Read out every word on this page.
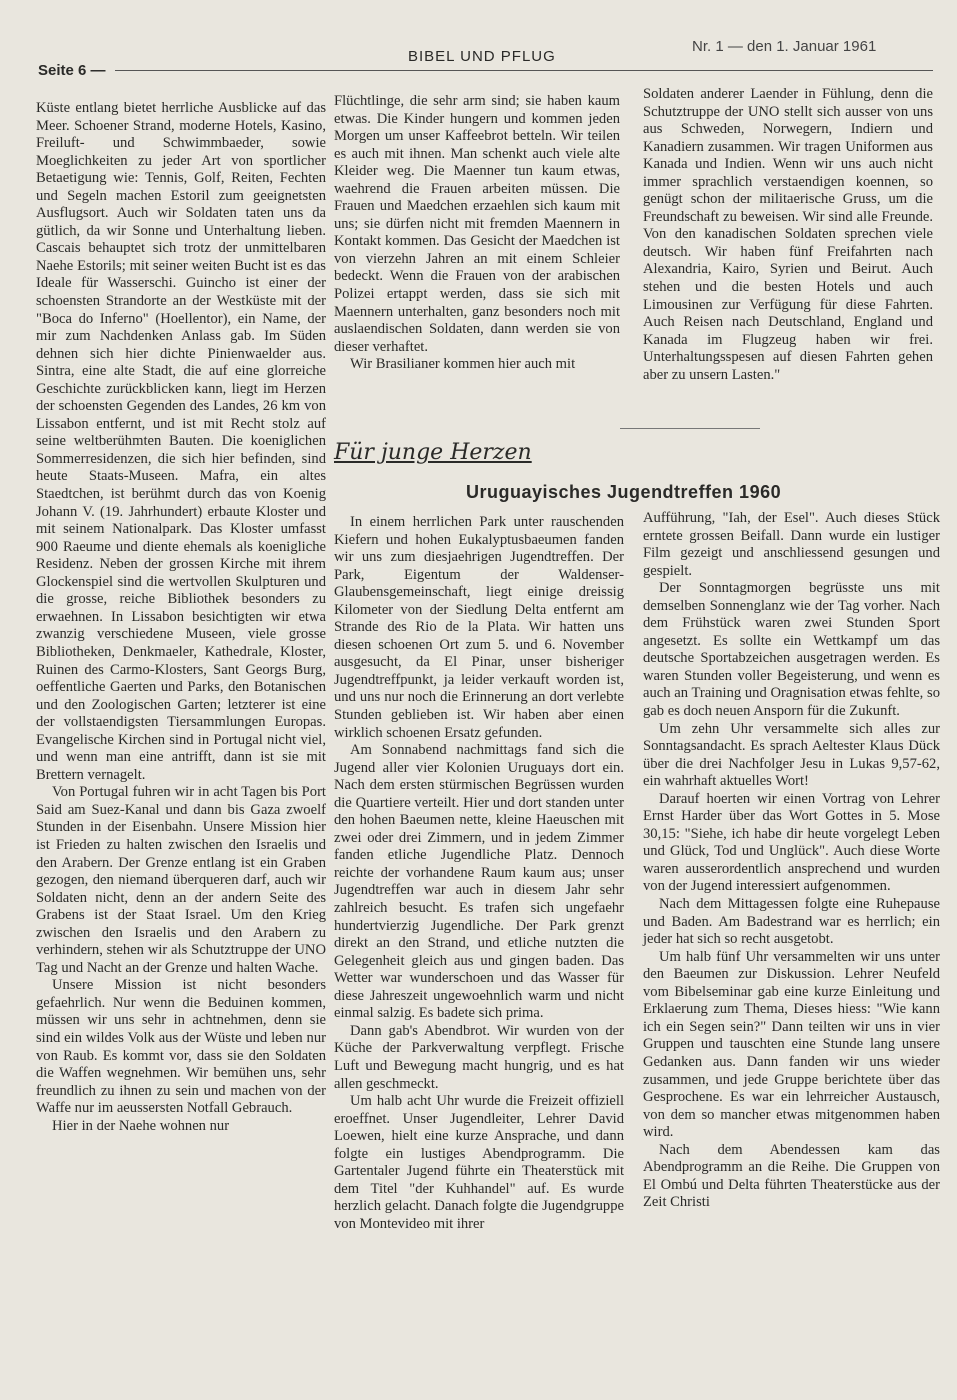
Seite 6 —
BIBEL UND PFLUG
Nr. 1 — den 1. Januar 1961

Küste entlang bietet herrliche Ausblicke auf das Meer. Schoener Strand, moderne Hotels, Kasino, Freiluft- und Schwimmbaeder, sowie Moeglichkeiten zu jeder Art von sportlicher Betaetigung wie: Tennis, Golf, Reiten, Fechten und Segeln machen Estoril zum geeignetsten Ausflugsort. Auch wir Soldaten taten uns da gütlich, da wir Sonne und Unterhaltung lieben. Cascais behauptet sich trotz der unmittelbaren Naehe Estorils; mit seiner weiten Bucht ist es das Ideale für Wasserschi. Guincho ist einer der schoensten Strandorte an der Westküste mit der "Boca do Inferno" (Hoellentor), ein Name, der mir zum Nachdenken Anlass gab. Im Süden dehnen sich hier dichte Pinienwaelder aus. Sintra, eine alte Stadt, die auf eine glorreiche Geschichte zurückblicken kann, liegt im Herzen der schoensten Gegenden des Landes, 26 km von Lissabon entfernt, und ist mit Recht stolz auf seine weltberühmten Bauten. Die koeniglichen Sommerresidenzen, die sich hier befinden, sind heute Staats-Museen. Mafra, ein altes Staedtchen, ist berühmt durch das von Koenig Johann V. (19. Jahrhundert) erbaute Kloster und mit seinem Nationalpark. Das Kloster umfasst 900 Raeume und diente ehemals als koenigliche Residenz. Neben der grossen Kirche mit ihrem Glockenspiel sind die wertvollen Skulpturen und die grosse, reiche Bibliothek besonders zu erwaehnen. In Lissabon besichtigten wir etwa zwanzig verschiedene Museen, viele grosse Bibliotheken, Denkmaeler, Kathedrale, Kloster, Ruinen des Carmo-Klosters, Sant Georgs Burg, oeffentliche Gaerten und Parks, den Botanischen und den Zoologischen Garten; letzterer ist eine der vollstaendigsten Tiersammlungen Europas. Evangelische Kirchen sind in Portugal nicht viel, und wenn man eine antrifft, dann ist sie mit Brettern vernagelt.

Von Portugal fuhren wir in acht Tagen bis Port Said am Suez-Kanal und dann bis Gaza zwoelf Stunden in der Eisenbahn. Unsere Mission hier ist Frieden zu halten zwischen den Israelis und den Arabern. Der Grenze entlang ist ein Graben gezogen, den niemand überqueren darf, auch wir Soldaten nicht, denn an der andern Seite des Grabens ist der Staat Israel. Um den Krieg zwischen den Israelis und den Arabern zu verhindern, stehen wir als Schutztruppe der UNO Tag und Nacht an der Grenze und halten Wache.

Unsere Mission ist nicht besonders gefaehrlich. Nur wenn die Beduinen kommen, müssen wir uns sehr in achtnehmen, denn sie sind ein wildes Volk aus der Wüste und leben nur von Raub. Es kommt vor, dass sie den Soldaten die Waffen wegnehmen. Wir bemühen uns, sehr freundlich zu ihnen zu sein und machen von der Waffe nur im aeussersten Notfall Gebrauch.

Hier in der Naehe wohnen nur

Flüchtlinge, die sehr arm sind; sie haben kaum etwas. Die Kinder hungern und kommen jeden Morgen um unser Kaffeebrot betteln. Wir teilen es auch mit ihnen. Man schenkt auch viele alte Kleider weg. Die Maenner tun kaum etwas, waehrend die Frauen arbeiten müssen. Die Frauen und Maedchen erzaehlen sich kaum mit uns; sie dürfen nicht mit fremden Maennern in Kontakt kommen. Das Gesicht der Maedchen ist von vierzehn Jahren an mit einem Schleier bedeckt. Wenn die Frauen von der arabischen Polizei ertappt werden, dass sie sich mit Maennern unterhalten, ganz besonders noch mit auslaendischen Soldaten, dann werden sie von dieser verhaftet.

Wir Brasilianer kommen hier auch mit

Soldaten anderer Laender in Fühlung, denn die Schutztruppe der UNO stellt sich ausser von uns aus Schweden, Norwegern, Indiern und Kanadiern zusammen. Wir tragen Uniformen aus Kanada und Indien. Wenn wir uns auch nicht immer sprachlich verstaendigen koennen, so genügt schon der militaerische Gruss, um die Freundschaft zu beweisen. Wir sind alle Freunde. Von den kanadischen Soldaten sprechen viele deutsch. Wir haben fünf Freifahrten nach Alexandria, Kairo, Syrien und Beirut. Auch stehen und die besten Hotels und auch Limousinen zur Verfügung für diese Fahrten. Auch Reisen nach Deutschland, England und Kanada im Flugzeug haben wir frei. Unterhaltungsspesen auf diesen Fahrten gehen aber zu unsern Lasten."

Für junge Herzen
Uruguayisches Jugendtreffen 1960

In einem herrlichen Park unter rauschenden Kiefern und hohen Eukalyptusbaeumen fanden wir uns zum diesjaehrigen Jugendtreffen. Der Park, Eigentum der Waldenser-Glaubensgemeinschaft, liegt einige dreissig Kilometer von der Siedlung Delta entfernt am Strande des Rio de la Plata. Wir hatten uns diesen schoenen Ort zum 5. und 6. November ausgesucht, da El Pinar, unser bisheriger Jugendtreffpunkt, ja leider verkauft worden ist, und uns nur noch die Erinnerung an dort verlebte Stunden geblieben ist. Wir haben aber einen wirklich schoenen Ersatz gefunden.

Am Sonnabend nachmittags fand sich die Jugend aller vier Kolonien Uruguays dort ein. Nach dem ersten stürmischen Begrüssen wurden die Quartiere verteilt. Hier und dort standen unter den hohen Baeumen nette, kleine Haeuschen mit zwei oder drei Zimmern, und in jedem Zimmer fanden etliche Jugendliche Platz. Dennoch reichte der vorhandene Raum kaum aus; unser Jugendtreffen war auch in diesem Jahr sehr zahlreich besucht. Es trafen sich ungefaehr hundertvierzig Jugendliche. Der Park grenzt direkt an den Strand, und etliche nutzten die Gelegenheit gleich aus und gingen baden. Das Wetter war wunderschoen und das Wasser für diese Jahreszeit ungewoehnlich warm und nicht einmal salzig. Es badete sich prima.

Dann gab's Abendbrot. Wir wurden von der Küche der Parkverwaltung verpflegt. Frische Luft und Bewegung macht hungrig, und es hat allen geschmeckt.

Um halb acht Uhr wurde die Freizeit offiziell eroeffnet. Unser Jugendleiter, Lehrer David Loewen, hielt eine kurze Ansprache, und dann folgte ein lustiges Abendprogramm. Die Gartentaler Jugend führte ein Theaterstück mit dem Titel "der Kuhhandel" auf. Es wurde herzlich gelacht. Danach folgte die Jugendgruppe von Montevideo mit ihrer

Aufführung, "Iah, der Esel". Auch dieses Stück erntete grossen Beifall. Dann wurde ein lustiger Film gezeigt und anschliessend gesungen und gespielt.

Der Sonntagmorgen begrüsste uns mit demselben Sonnenglanz wie der Tag vorher. Nach dem Frühstück waren zwei Stunden Sport angesetzt. Es sollte ein Wettkampf um das deutsche Sportabzeichen ausgetragen werden. Es waren Stunden voller Begeisterung, und wenn es auch an Training und Oragnisation etwas fehlte, so gab es doch neuen Ansporn für die Zukunft.

Um zehn Uhr versammelte sich alles zur Sonntagsandacht. Es sprach Aeltester Klaus Dück über die drei Nachfolger Jesu in Lukas 9,57-62, ein wahrhaft aktuelles Wort!

Darauf hoerten wir einen Vortrag von Lehrer Ernst Harder über das Wort Gottes in 5. Mose 30,15: "Siehe, ich habe dir heute vorgelegt Leben und Glück, Tod und Unglück". Auch diese Worte waren ausserordentlich ansprechend und wurden von der Jugend interessiert aufgenommen.

Nach dem Mittagessen folgte eine Ruhepause und Baden. Am Badestrand war es herrlich; ein jeder hat sich so recht ausgetobt.

Um halb fünf Uhr versammelten wir uns unter den Baeumen zur Diskussion. Lehrer Neufeld vom Bibelseminar gab eine kurze Einleitung und Erklaerung zum Thema, Dieses hiess: "Wie kann ich ein Segen sein?" Dann teilten wir uns in vier Gruppen und tauschten eine Stunde lang unsere Gedanken aus. Dann fanden wir uns wieder zusammen, und jede Gruppe berichtete über das Gesprochene. Es war ein lehrreicher Austausch, von dem so mancher etwas mitgenommen haben wird.

Nach dem Abendessen kam das Abendprogramm an die Reihe. Die Gruppen von El Ombú und Delta führten Theaterstücke aus der Zeit Christi
